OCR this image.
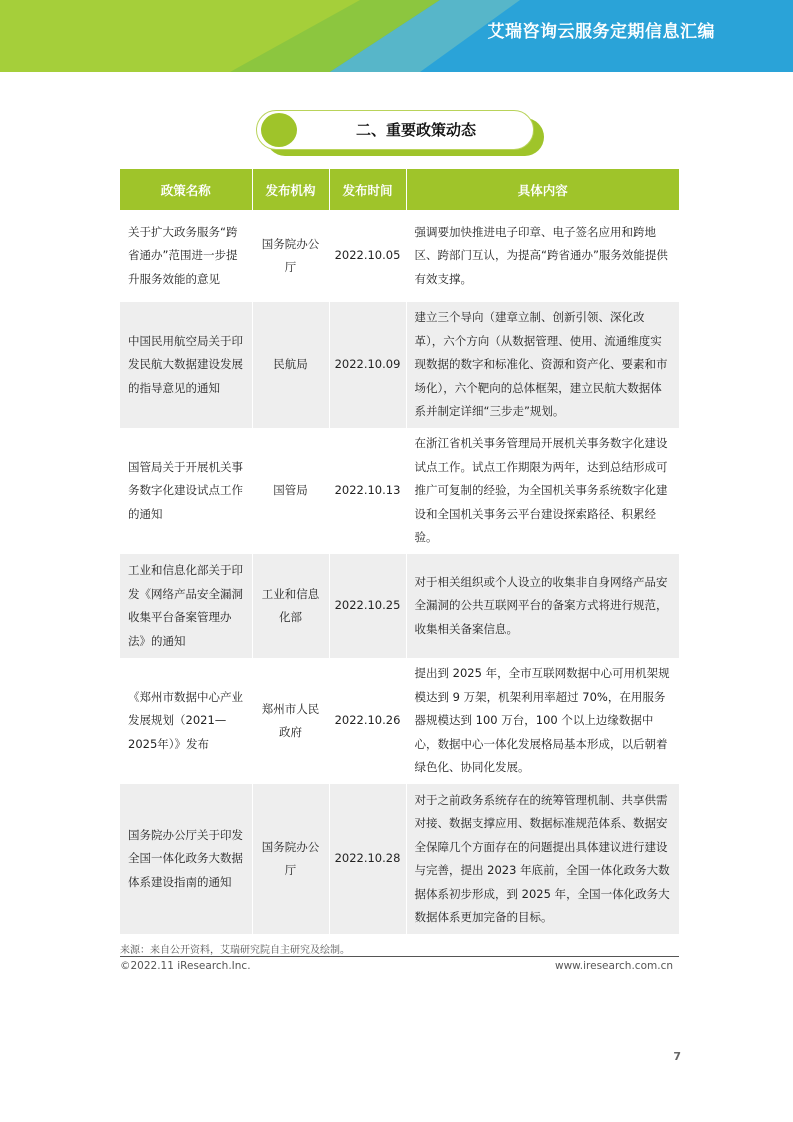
艾瑞咨询云服务定期信息汇编
二、重要政策动态
政策名称	发布机构	发布时间	具体内容
关于扩大政务服务“跨省通办”范围进一步提升服务效能的意见	国务院办公厅	2022.10.05	强调要加快推进电子印章、电子签名应用和跨地区、跨部门互认，为提高“跨省通办”服务效能提供有效支撑。
中国民用航空局关于印发民航大数据建设发展的指导意见的通知	民航局	2022.10.09	建立三个导向（建章立制、创新引领、深化改革），六个方向（从数据管理、使用、流通维度实现数据的数字和标准化、资源和资产化、要素和市场化），六个靶向的总体框架，建立民航大数据体系并制定详细“三步走”规划。
国管局关于开展机关事务数字化建设试点工作的通知	国管局	2022.10.13	在浙江省机关事务管理局开展机关事务数字化建设试点工作。试点工作期限为两年，达到总结形成可推广可复制的经验，为全国机关事务系统数字化建设和全国机关事务云平台建设探索路径、积累经验。
工业和信息化部关于印发《网络产品安全漏洞收集平台备案管理办法》的通知	工业和信息化部	2022.10.25	对于相关组织或个人设立的收集非自身网络产品安全漏洞的公共互联网平台的备案方式将进行规范，收集相关备案信息。
《郑州市数据中心产业发展规划（2021—2025年）》发布	郑州市人民政府	2022.10.26	提出到 2025 年，全市互联网数据中心可用机架规模达到 9 万架，机架利用率超过 70%，在用服务器规模达到 100 万台，100 个以上边缘数据中心，数据中心一体化发展格局基本形成，以后朝着绿色化、协同化发展。
国务院办公厅关于印发全国一体化政务大数据体系建设指南的通知	国务院办公厅	2022.10.28	对于之前政务系统存在的统筹管理机制、共享供需对接、数据支撑应用、数据标准规范体系、数据安全保障几个方面存在的问题提出具体建议进行建设与完善，提出 2023 年底前，全国一体化政务大数据体系初步形成，到 2025 年，全国一体化政务大数据体系更加完备的目标。
来源：来自公开资料，艾瑞研究院自主研究及绘制。
©2022.11 iResearch.Inc.	www.iresearch.com.cn
7
